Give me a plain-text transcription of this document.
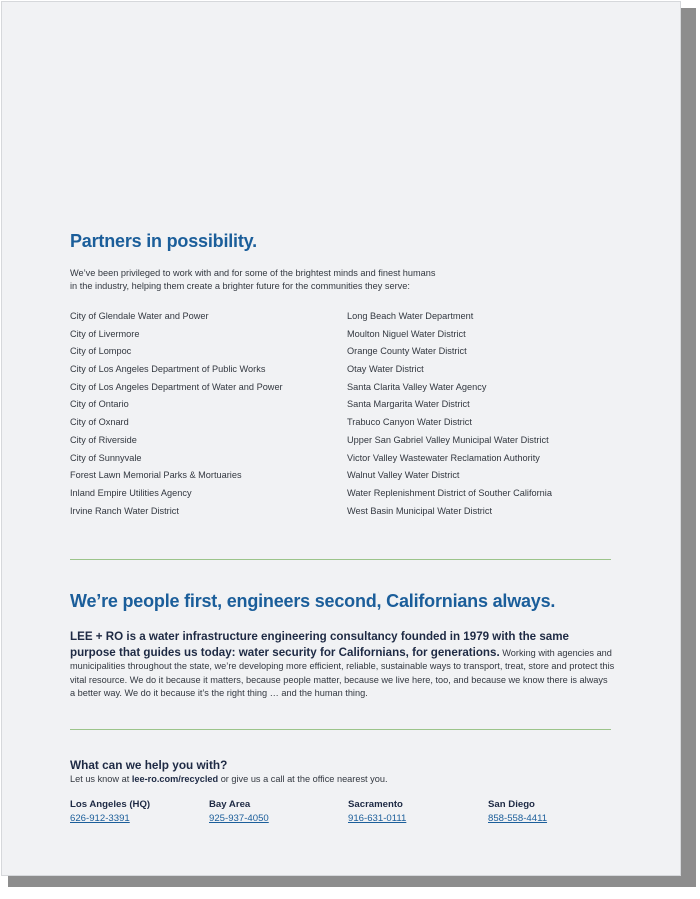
Partners in possibility.

We’ve been privileged to work with and for some of the brightest minds and finest humans
in the industry, helping them create a brighter future for the communities they serve:

City of Glendale Water and Power
City of Livermore
City of Lompoc
City of Los Angeles Department of Public Works
City of Los Angeles Department of Water and Power
City of Ontario
City of Oxnard
City of Riverside
City of Sunnyvale
Forest Lawn Memorial Parks & Mortuaries
Inland Empire Utilities Agency
Irvine Ranch Water District
Long Beach Water Department
Moulton Niguel Water District
Orange County Water District
Otay Water District
Santa Clarita Valley Water Agency
Santa Margarita Water District
Trabuco Canyon Water District
Upper San Gabriel Valley Municipal Water District
Victor Valley Wastewater Reclamation Authority
Walnut Valley Water District
Water Replenishment District of Souther California
West Basin Municipal Water District
We’re people first, engineers second, Californians always.

LEE + RO is a water infrastructure engineering consultancy founded in 1979 with the same purpose that guides us today: water security for Californians, for generations. Working with agencies and municipalities throughout the state, we’re developing more efficient, reliable, sustainable ways to transport, treat, store and protect this vital resource. We do it because it matters, because people matter, because we live here, too, and because we know there is always a better way. We do it because it’s the right thing … and the human thing.

What can we help you with?

Let us know at lee-ro.com/recycled or give us a call at the office nearest you.

Los Angeles (HQ)
626-912-3391
Bay Area
925-937-4050
Sacramento
916-631-0111
San Diego
858-558-4411
